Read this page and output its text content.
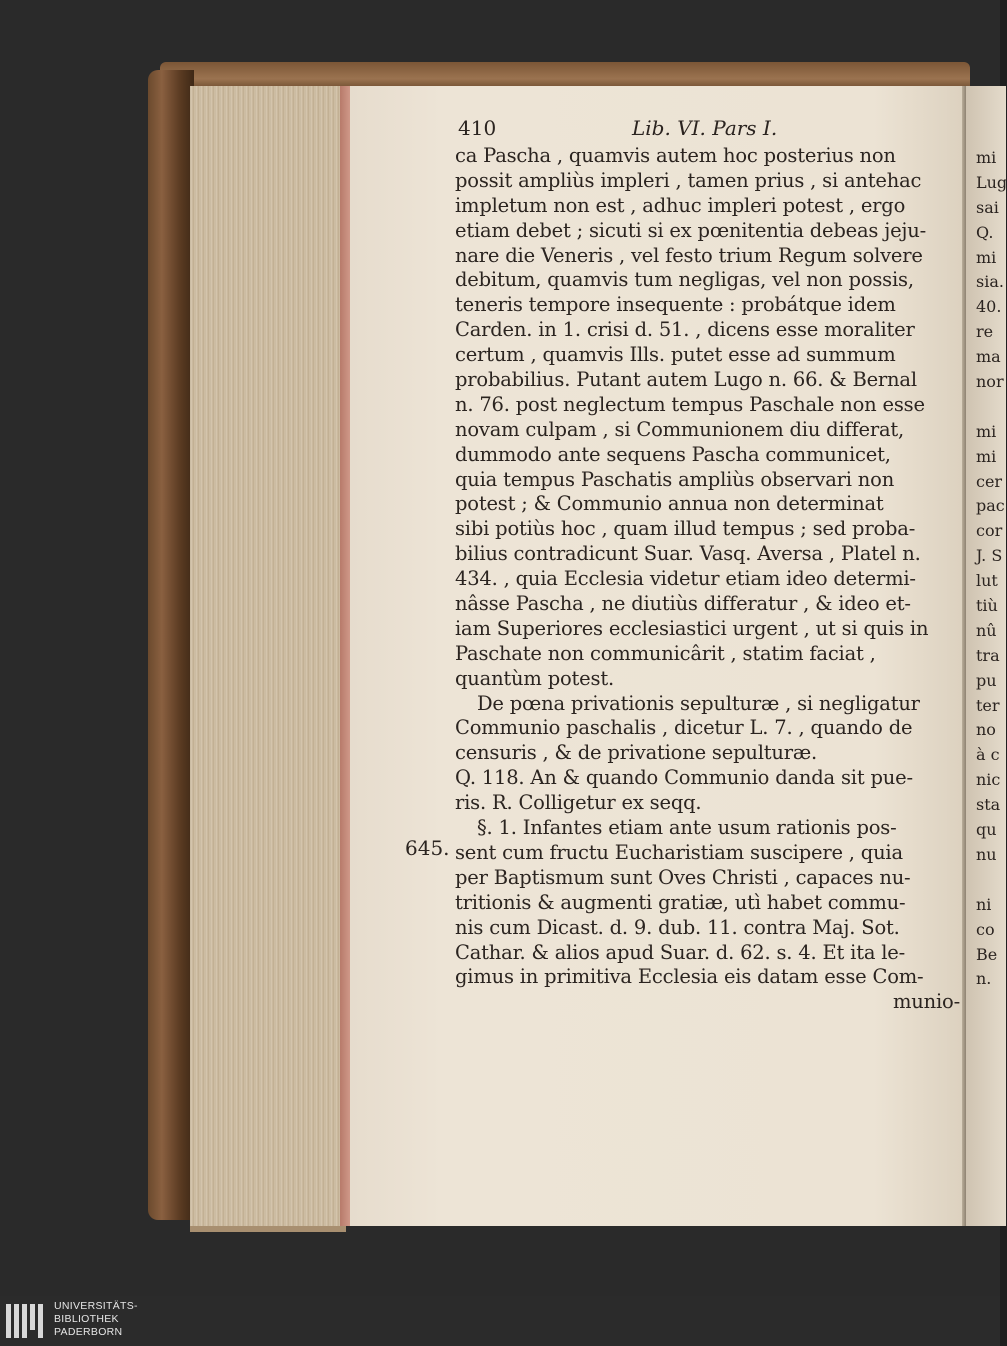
410	Lib. VI. Pars I.
ca Pascha , quamvis autem hoc posterius non
possit ampliùs impleri , tamen prius , si antehac
impletum non est , adhuc impleri potest , ergo
etiam debet ; sicuti si ex pœnitentia debeas jeju-
nare die Veneris , vel festo trium Regum solvere
debitum, quamvis tum negligas, vel non possis,
teneris tempore insequente : probátque idem
Carden. in 1. crisi d. 51. , dicens esse moraliter
certum , quamvis Ills. putet esse ad summum
probabilius. Putant autem Lugo n. 66. & Bernal
n. 76. post neglectum tempus Paschale non esse
novam culpam , si Communionem diu differat,
dummodo ante sequens Pascha communicet,
quia tempus Paschatis ampliùs observari non
potest ; & Communio annua non determinat
sibi potiùs hoc , quam illud tempus ; sed proba-
bilius contradicunt Suar. Vasq. Aversa , Platel n.
434. , quia Ecclesia videtur etiam ideo determi-
nâsse Pascha , ne diutiùs differatur , & ideo et-
iam Superiores ecclesiastici urgent , ut si quis in
Paschate non communicârit , statim faciat ,
quantùm potest.
De pœna privationis sepulturæ , si negligatur
Communio paschalis , dicetur L. 7. , quando de
censuris , & de privatione sepulturæ.
Q. 118. An & quando Communio danda sit pue-
ris. R. Colligetur ex seqq.
§. 1. Infantes etiam ante usum rationis pos-
sent cum fructu Eucharistiam suscipere , quia
per Baptismum sunt Oves Christi , capaces nu-
tritionis & augmenti gratiæ, utì habet commu-
nis cum Dicast. d. 9. dub. 11. contra Maj. Sot.
Cathar. & alios apud Suar. d. 62. s. 4. Et ita le-
gimus in primitiva Ecclesia eis datam esse Com-
munio-
645.
mi
Lug
sai
Q.
mi
sia.
40.
re
ma
nor
mi
mi
cer
pac
cor
J. S
lut
tiù
nû
tra
pu
ter
no
à c
nic
sta
qu
nu
ni
co
Be
n.
UNIVERSITÄTS-
BIBLIOTHEK
PADERBORN
